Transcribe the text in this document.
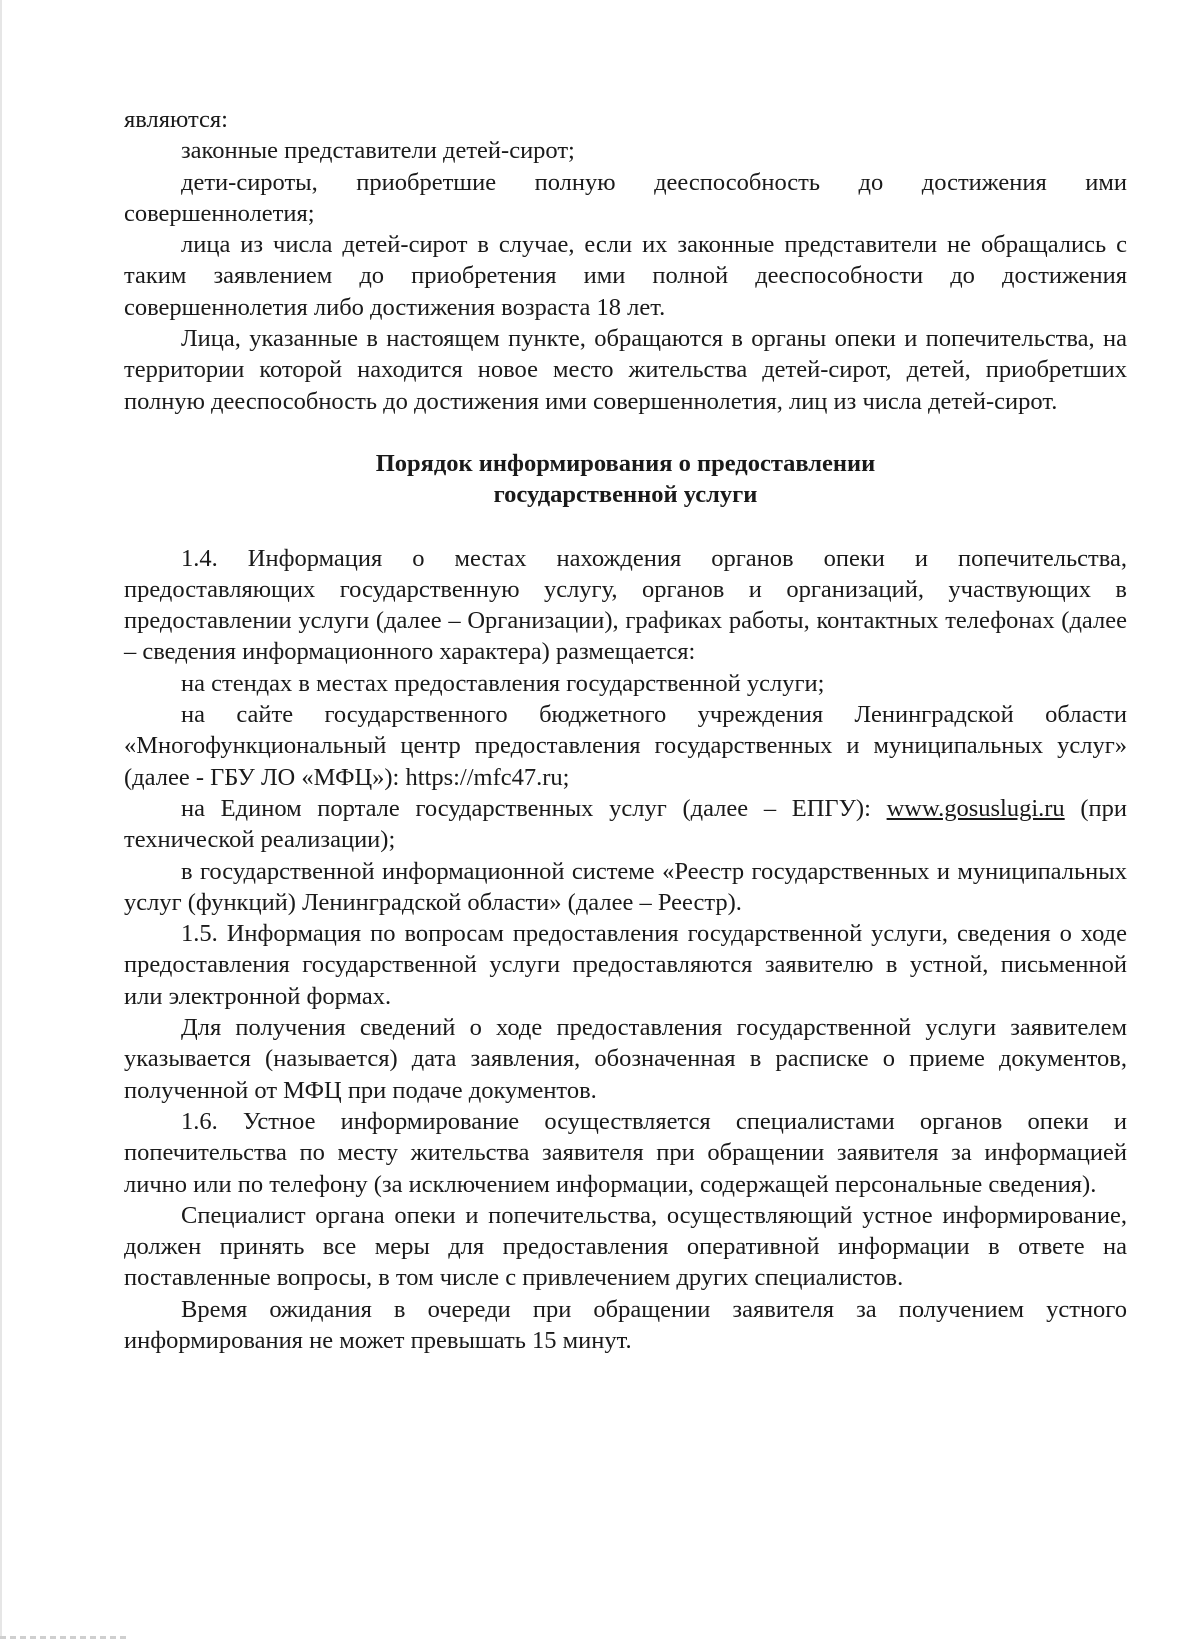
являются:

законные представители детей-сирот;

дети-сироты, приобретшие полную дееспособность до достижения ими совершеннолетия;

лица из числа детей-сирот в случае, если их законные представители не обращались с таким заявлением до приобретения ими полной дееспособности до достижения совершеннолетия либо достижения возраста 18 лет.

Лица, указанные в настоящем пункте, обращаются в органы опеки и попечительства, на территории которой находится новое место жительства детей-сирот, детей, приобретших полную дееспособность до достижения ими совершеннолетия, лиц из числа детей-сирот.

Порядок информирования о предоставлении
государственной услуги

1.4. Информация о местах нахождения органов опеки и попечительства, предоставляющих государственную услугу, органов и организаций, участвующих в предоставлении услуги (далее – Организации), графиках работы, контактных телефонах (далее – сведения информационного характера) размещается:

на стендах в местах предоставления государственной услуги;

на сайте государственного бюджетного учреждения Ленинградской области «Многофункциональный центр предоставления государственных и муниципальных услуг» (далее - ГБУ ЛО «МФЦ»): https://mfc47.ru;

на Едином портале государственных услуг (далее – ЕПГУ): www.gosuslugi.ru (при технической реализации);

в государственной информационной системе «Реестр государственных и муниципальных услуг (функций) Ленинградской области» (далее – Реестр).

1.5. Информация по вопросам предоставления государственной услуги, сведения о ходе предоставления государственной услуги предоставляются заявителю в устной, письменной или электронной формах.

Для получения сведений о ходе предоставления государственной услуги заявителем указывается (называется) дата заявления, обозначенная в расписке о приеме документов, полученной от МФЦ при подаче документов.

1.6. Устное информирование осуществляется специалистами органов опеки и попечительства по месту жительства заявителя при обращении заявителя за информацией лично или по телефону (за исключением информации, содержащей персональные сведения).

Специалист органа опеки и попечительства, осуществляющий устное информирование, должен принять все меры для предоставления оперативной информации в ответе на поставленные вопросы, в том числе с привлечением других специалистов.

Время ожидания в очереди при обращении заявителя за получением устного информирования не может превышать 15 минут.
